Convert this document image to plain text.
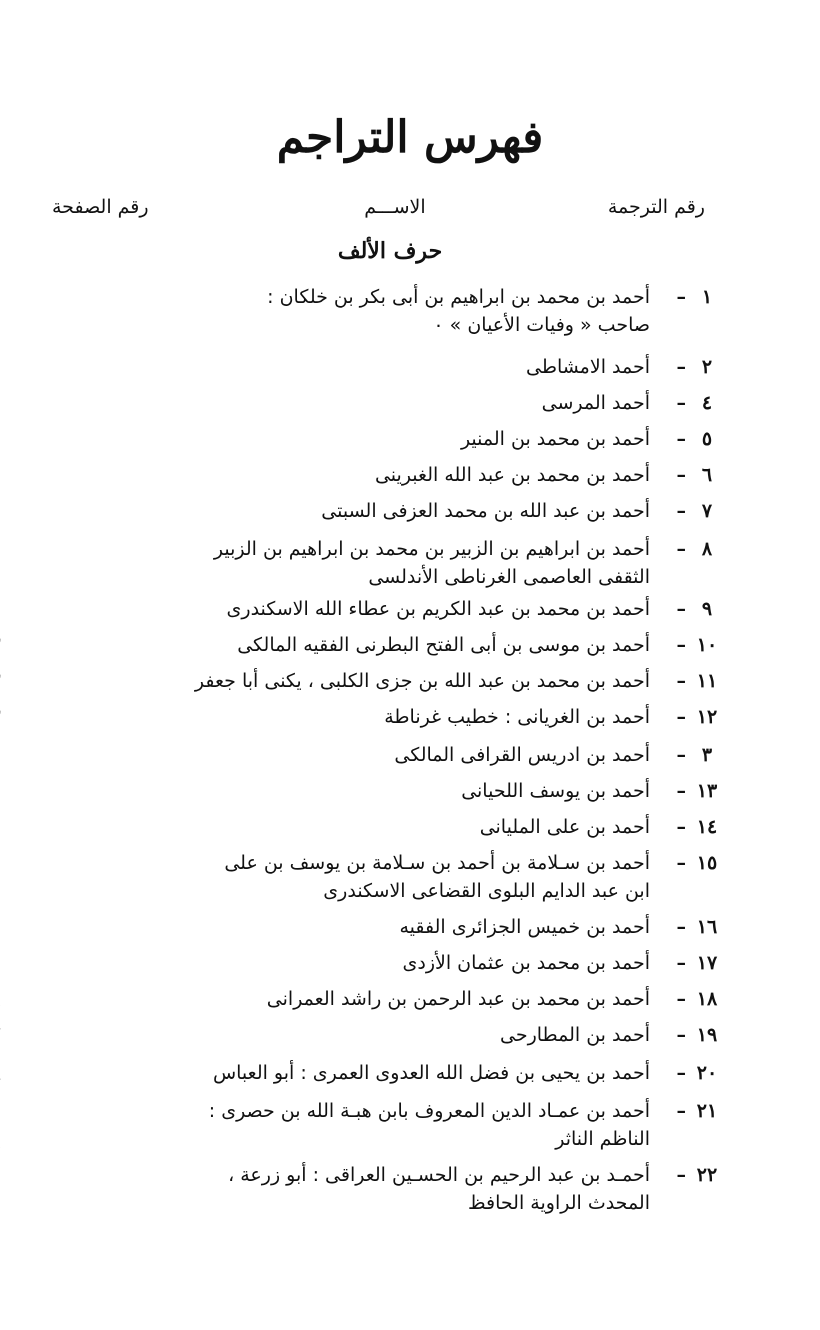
فهرس التراجم
رقم الترجمة
الاســـم
رقم الصفحة
حرف الألف
١
–
أحمد بن محمد بن ابراهيم بن أبى بكر بن خلكان :
صاحب « وفيات الأعيان » ٠
٢
–
أحمد الامشاطى
٤
–
أحمد المرسى
٥
–
أحمد بن محمد بن المنير
٦
–
أحمد بن محمد بن عبد الله الغبرينى
٧
–
أحمد بن عبد الله بن محمد العزفى السبتى
٨
–
أحمد بن ابراهيم بن الزبير بن محمد بن ابراهيم بن الزبير
الثقفى العاصمى الغرناطى الأندلسى
٩
–
أحمد بن محمد بن عبد الكريم بن عطاء الله الاسكندرى
١٠
–
أحمد بن موسى بن أبى الفتح البطرنى الفقيه المالكى
١١
–
أحمد بن محمد بن عبد الله بن جزى الكلبى ، يكنى أبا جعفر
١٢
–
أحمد بن الغريانى : خطيب غرناطة
٣
–
أحمد بن ادريس القرافى المالكى
١٣
–
أحمد بن يوسف اللحيانى
١٤
–
أحمد بن على المليانى
١٥
–
أحمد بن سـلامة بن أحمد بن سـلامة بن يوسف بن على
ابن عبد الدايم البلوى القضاعى الاسكندرى
١٦
–
أحمد بن خميس الجزائرى الفقيه
١٧
–
أحمد بن محمد بن عثمان الأزدى
١٨
–
أحمد بن محمد بن عبد الرحمن بن راشد العمرانى
١٩
–
أحمد بن المطارحى
٢٠
–
أحمد بن يحيى بن فضل الله العدوى العمرى : أبو العباس
٢١
–
أحمد بن عمـاد الدين المعروف بابن هبـة الله بن حصرى :
الناظم الناثر
٢٢
–
أحمـد بن عبد الرحيم بن الحسـين العراقى : أبو زرعة ،
المحدث الراوية الحافظ
